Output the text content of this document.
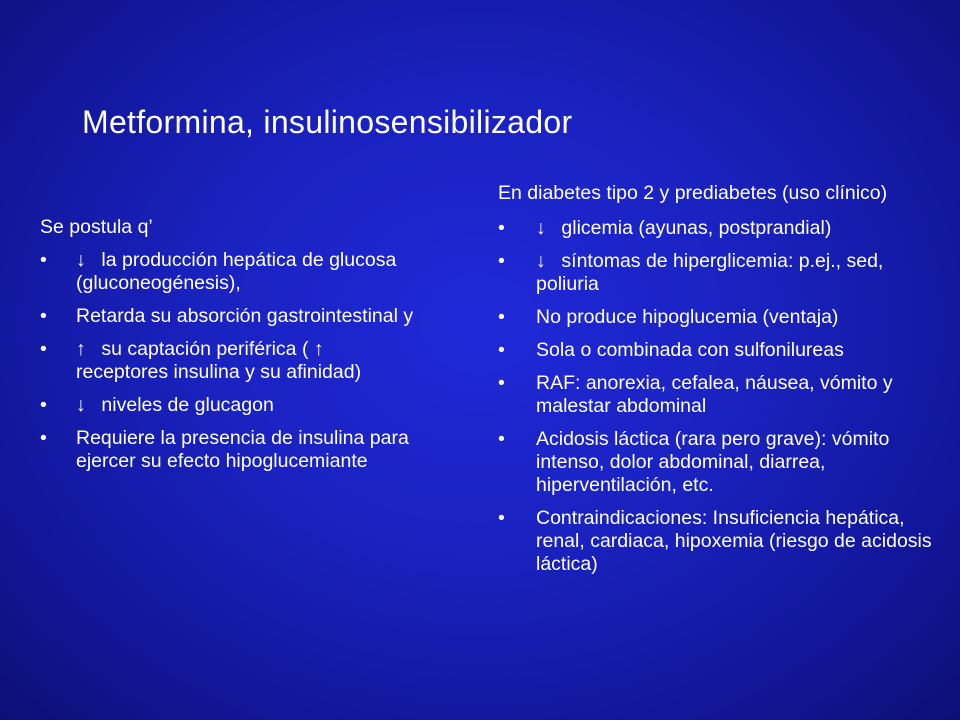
Metformina, insulinosensibilizador
Se postula q’
• ↓ la producción hepática de glucosa (gluconeogénesis),
• Retarda su absorción gastrointestinal y
• ↑ su captación periférica ( ↑ receptores insulina y su afinidad)
• ↓ niveles de glucagon
• Requiere la presencia de insulina para ejercer su efecto hipoglucemiante
En diabetes tipo 2 y prediabetes (uso clínico)
• ↓ glicemia (ayunas, postprandial)
• ↓ síntomas de hiperglicemia: p.ej., sed, poliuria
• No produce hipoglucemia (ventaja)
• Sola o combinada con sulfonilureas
• RAF: anorexia, cefalea, náusea, vómito y malestar abdominal
• Acidosis láctica (rara pero grave): vómito intenso, dolor abdominal, diarrea, hiperventilación, etc.
• Contraindicaciones: Insuficiencia hepática, renal, cardiaca, hipoxemia (riesgo de acidosis láctica)
